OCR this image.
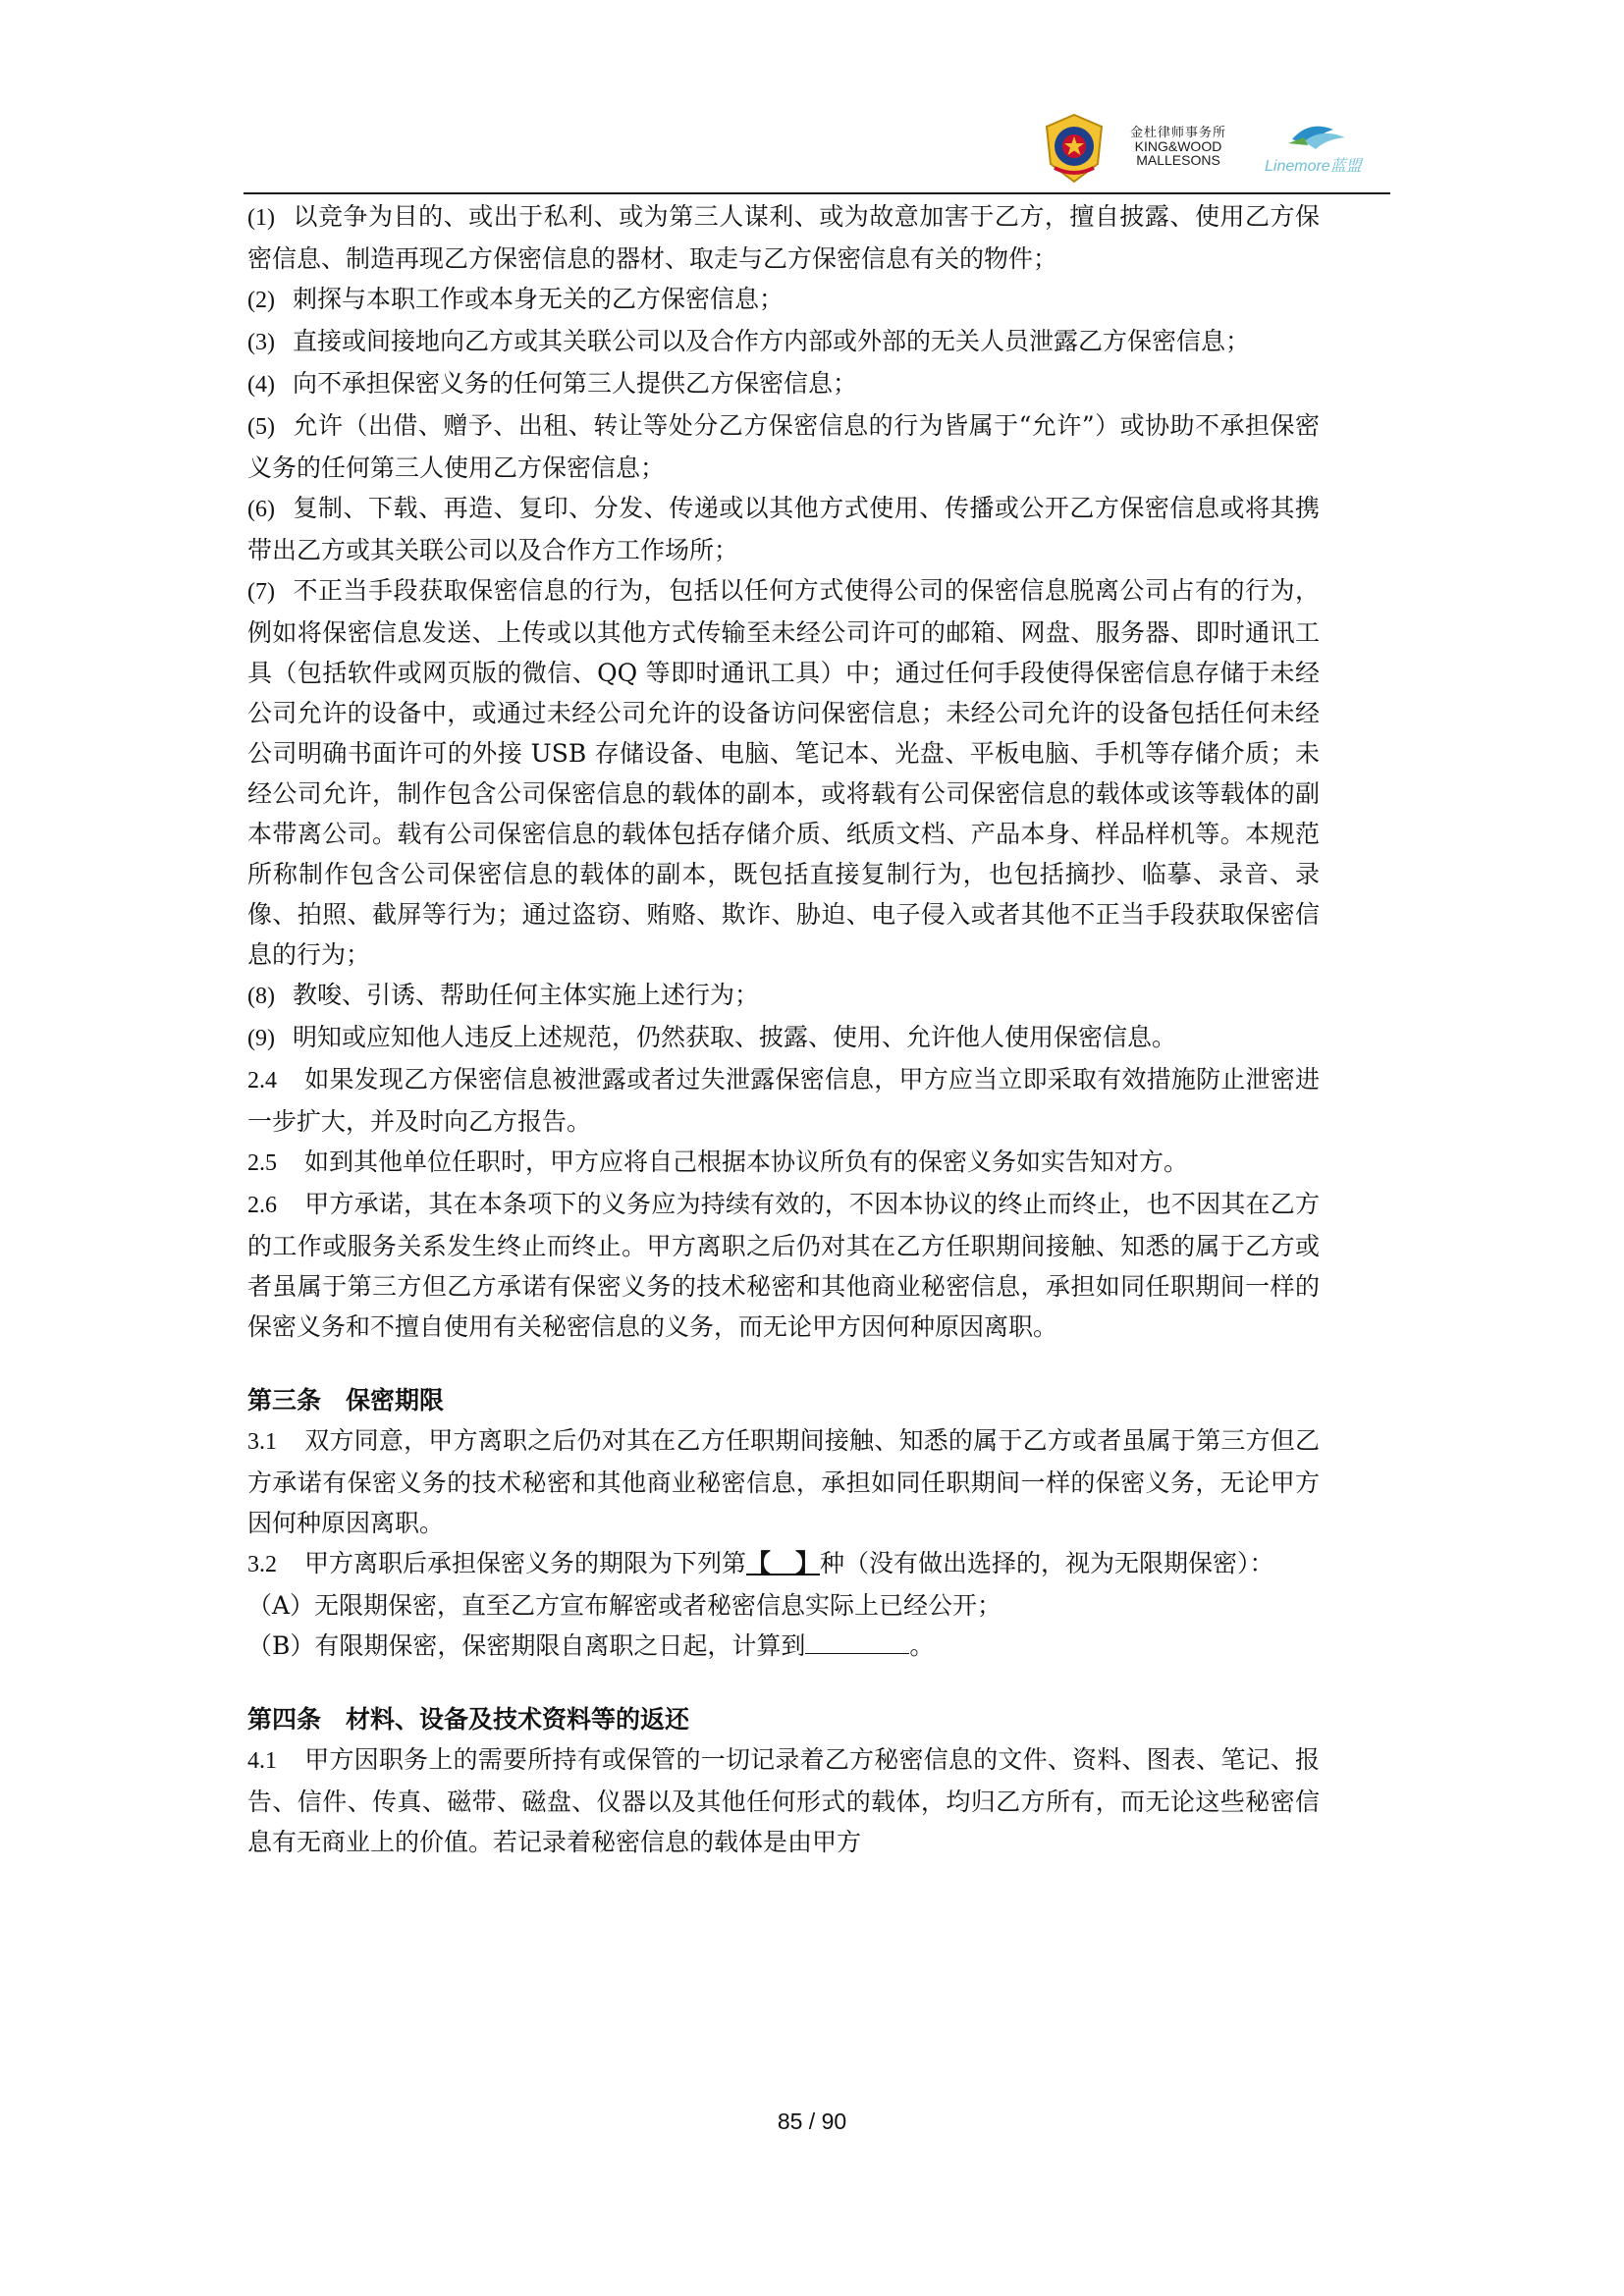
金杜律师事务所
KING&WOOD
MALLESONS	Linemore蓝盟

(1) 以竞争为目的、或出于私利、或为第三人谋利、或为故意加害于乙方，擅自披露、使用乙方保密信息、制造再现乙方保密信息的器材、取走与乙方保密信息有关的物件；

(2) 刺探与本职工作或本身无关的乙方保密信息；

(3) 直接或间接地向乙方或其关联公司以及合作方内部或外部的无关人员泄露乙方保密信息；

(4) 向不承担保密义务的任何第三人提供乙方保密信息；

(5) 允许（出借、赠予、出租、转让等处分乙方保密信息的行为皆属于“允许”）或协助不承担保密义务的任何第三人使用乙方保密信息；

(6) 复制、下载、再造、复印、分发、传递或以其他方式使用、传播或公开乙方保密信息或将其携带出乙方或其关联公司以及合作方工作场所；

(7) 不正当手段获取保密信息的行为，包括以任何方式使得公司的保密信息脱离公司占有的行为，例如将保密信息发送、上传或以其他方式传输至未经公司许可的邮箱、网盘、服务器、即时通讯工具（包括软件或网页版的微信、QQ 等即时通讯工具）中；通过任何手段使得保密信息存储于未经公司允许的设备中，或通过未经公司允许的设备访问保密信息；未经公司允许的设备包括任何未经公司明确书面许可的外接 USB 存储设备、电脑、笔记本、光盘、平板电脑、手机等存储介质；未经公司允许，制作包含公司保密信息的载体的副本，或将载有公司保密信息的载体或该等载体的副本带离公司。载有公司保密信息的载体包括存储介质、纸质文档、产品本身、样品样机等。本规范所称制作包含公司保密信息的载体的副本，既包括直接复制行为，也包括摘抄、临摹、录音、录像、拍照、截屏等行为；通过盗窃、贿赂、欺诈、胁迫、电子侵入或者其他不正当手段获取保密信息的行为；

(8) 教唆、引诱、帮助任何主体实施上述行为；

(9) 明知或应知他人违反上述规范，仍然获取、披露、使用、允许他人使用保密信息。

2.4 如果发现乙方保密信息被泄露或者过失泄露保密信息，甲方应当立即采取有效措施防止泄密进一步扩大，并及时向乙方报告。

2.5 如到其他单位任职时，甲方应将自己根据本协议所负有的保密义务如实告知对方。

2.6 甲方承诺，其在本条项下的义务应为持续有效的，不因本协议的终止而终止，也不因其在乙方的工作或服务关系发生终止而终止。甲方离职之后仍对其在乙方任职期间接触、知悉的属于乙方或者虽属于第三方但乙方承诺有保密义务的技术秘密和其他商业秘密信息，承担如同任职期间一样的保密义务和不擅自使用有关秘密信息的义务，而无论甲方因何种原因离职。

第三条　保密期限

3.1 双方同意，甲方离职之后仍对其在乙方任职期间接触、知悉的属于乙方或者虽属于第三方但乙方承诺有保密义务的技术秘密和其他商业秘密信息，承担如同任职期间一样的保密义务，无论甲方因何种原因离职。

3.2 甲方离职后承担保密义务的期限为下列第【　】种（没有做出选择的，视为无限期保密）：

（A）无限期保密，直至乙方宣布解密或者秘密信息实际上已经公开；

（B）有限期保密，保密期限自离职之日起，计算到	。

第四条　材料、设备及技术资料等的返还

4.1 甲方因职务上的需要所持有或保管的一切记录着乙方秘密信息的文件、资料、图表、笔记、报告、信件、传真、磁带、磁盘、仪器以及其他任何形式的载体，均归乙方所有，而无论这些秘密信息有无商业上的价值。若记录着秘密信息的载体是由甲方

85 / 90
